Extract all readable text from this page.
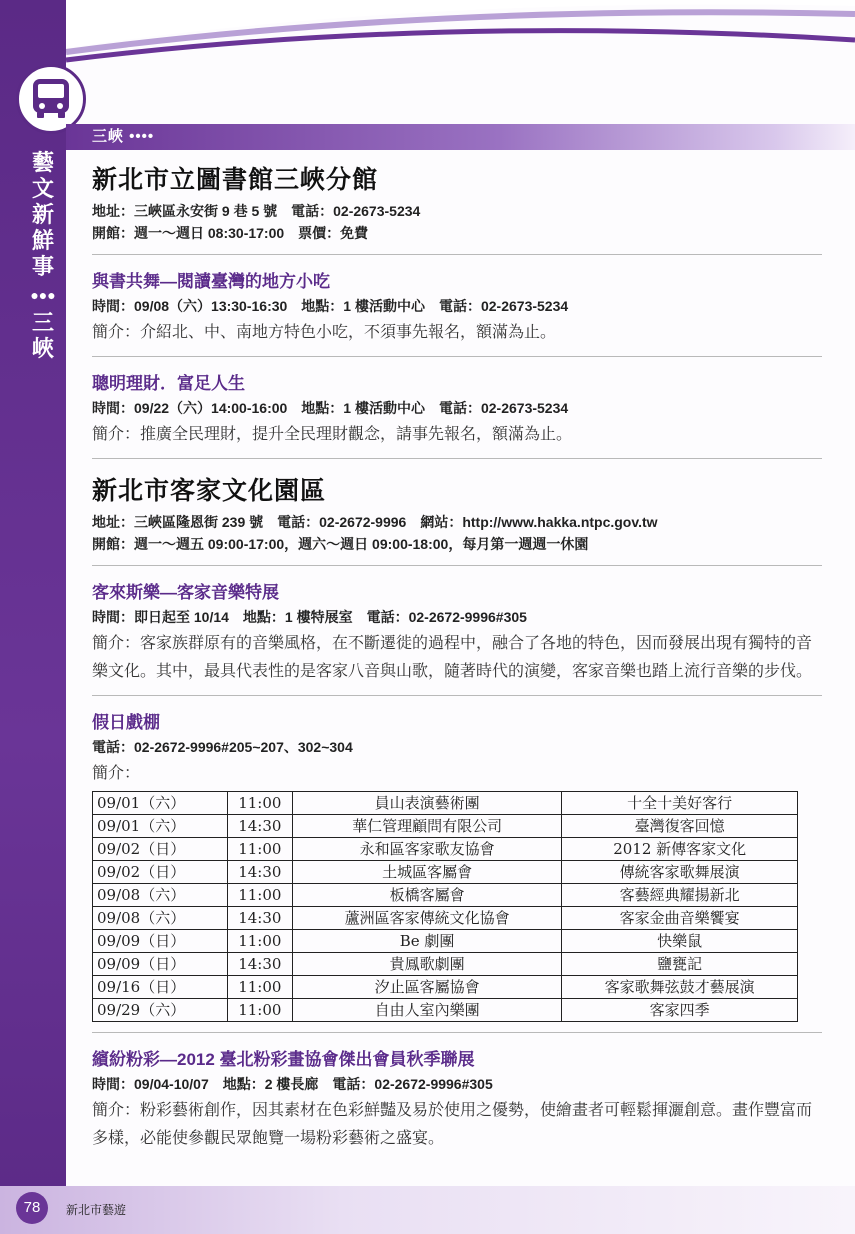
藝文新鮮事
●●●
三峽
三峽 ••••
新北市立圖書館三峽分館
地址：三峽區永安街 9 巷 5 號　電話：02-2673-5234
開館：週一～週日 08:30-17:00　票價：免費
與書共舞—閱讀臺灣的地方小吃
時間：09/08（六）13:30-16:30　地點：1 樓活動中心　電話：02-2673-5234
簡介：介紹北、中、南地方特色小吃，不須事先報名，額滿為止。
聰明理財．富足人生
時間：09/22（六）14:00-16:00　地點：1 樓活動中心　電話：02-2673-5234
簡介：推廣全民理財，提升全民理財觀念，請事先報名，額滿為止。
新北市客家文化園區
地址：三峽區隆恩街 239 號　電話：02-2672-9996　網站：http://www.hakka.ntpc.gov.tw
開館：週一～週五 09:00-17:00，週六～週日 09:00-18:00，每月第一週週一休園
客來斯樂—客家音樂特展
時間：即日起至 10/14　地點：1 樓特展室　電話：02-2672-9996#305
簡介：客家族群原有的音樂風格，在不斷遷徙的過程中，融合了各地的特色，因而發展出現有獨特的音樂文化。其中，最具代表性的是客家八音與山歌，隨著時代的演變，客家音樂也踏上流行音樂的步伐。
假日戲棚
電話：02-2672-9996#205~207、302~304
簡介：
09/01（六）	11:00	員山表演藝術團	十全十美好客行
09/01（六）	14:30	華仁管理顧問有限公司	臺灣復客回憶
09/02（日）	11:00	永和區客家歌友協會	2012 新傳客家文化
09/02（日）	14:30	土城區客屬會	傳統客家歌舞展演
09/08（六）	11:00	板橋客屬會	客藝經典耀揚新北
09/08（六）	14:30	蘆洲區客家傳統文化協會	客家金曲音樂饗宴
09/09（日）	11:00	Be 劇團	快樂鼠
09/09（日）	14:30	貴鳳歌劇團	鹽甕記
09/16（日）	11:00	汐止區客屬協會	客家歌舞弦鼓才藝展演
09/29（六）	11:00	自由人室內樂團	客家四季
繽紛粉彩—2012 臺北粉彩畫協會傑出會員秋季聯展
時間：09/04-10/07　地點：2 樓長廊　電話：02-2672-9996#305
簡介：粉彩藝術創作，因其素材在色彩鮮豔及易於使用之優勢，使繪畫者可輕鬆揮灑創意。畫作豐富而多樣，必能使參觀民眾飽覽一場粉彩藝術之盛宴。
78	新北市藝遊
